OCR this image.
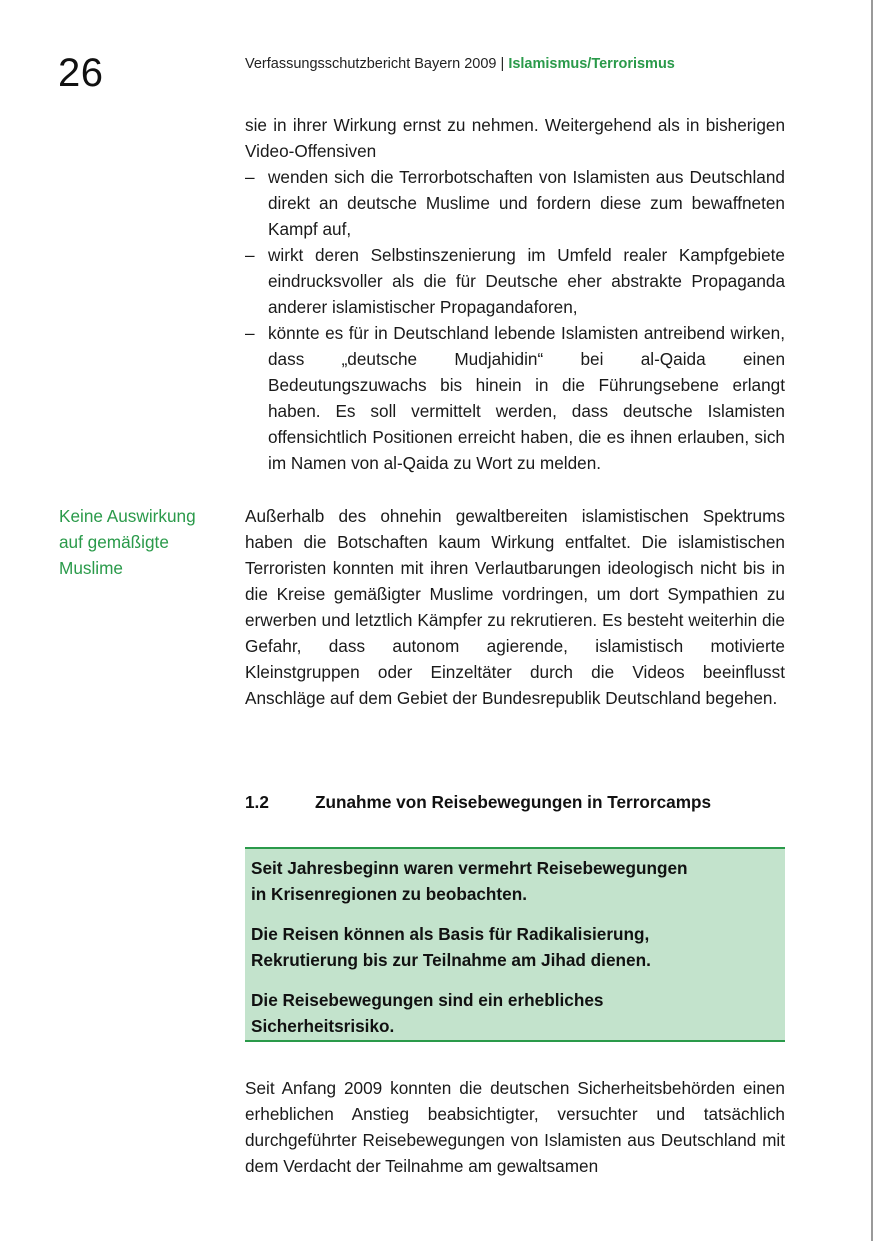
26	Verfassungsschutzbericht Bayern 2009 | Islamismus/Terrorismus
sie in ihrer Wirkung ernst zu nehmen. Weitergehend als in bisherigen Video-Offensiven
– wenden sich die Terrorbotschaften von Islamisten aus Deutschland direkt an deutsche Muslime und fordern diese zum bewaffneten Kampf auf,
– wirkt deren Selbstinszenierung im Umfeld realer Kampfgebiete eindrucksvoller als die für Deutsche eher abstrakte Propaganda anderer islamistischer Propagandaforen,
– könnte es für in Deutschland lebende Islamisten antreibend wirken, dass „deutsche Mudjahidin“ bei al-Qaida einen Bedeutungszuwachs bis hinein in die Führungsebene erlangt haben. Es soll vermittelt werden, dass deutsche Islamisten offensichtlich Positionen erreicht haben, die es ihnen erlauben, sich im Namen von al-Qaida zu Wort zu melden.
Keine Auswirkung
auf gemäßigte
Muslime
Außerhalb des ohnehin gewaltbereiten islamistischen Spektrums haben die Botschaften kaum Wirkung entfaltet. Die islamistischen Terroristen konnten mit ihren Verlautbarungen ideologisch nicht bis in die Kreise gemäßigter Muslime vordringen, um dort Sympathien zu erwerben und letztlich Kämpfer zu rekrutieren. Es besteht weiterhin die Gefahr, dass autonom agierende, islamistisch motivierte Kleinstgruppen oder Einzeltäter durch die Videos beeinflusst Anschläge auf dem Gebiet der Bundesrepublik Deutschland begehen.
1.2	Zunahme von Reisebewegungen in Terrorcamps

Seit Jahresbeginn waren vermehrt Reisebewegungen
in Krisenregionen zu beobachten.

Die Reisen können als Basis für Radikalisierung,
Rekrutierung bis zur Teilnahme am Jihad dienen.

Die Reisebewegungen sind ein erhebliches
Sicherheitsrisiko.

Seit Anfang 2009 konnten die deutschen Sicherheitsbehörden einen erheblichen Anstieg beabsichtigter, versuchter und tatsächlich durchgeführter Reisebewegungen von Islamisten aus Deutschland mit dem Verdacht der Teilnahme am gewaltsamen
